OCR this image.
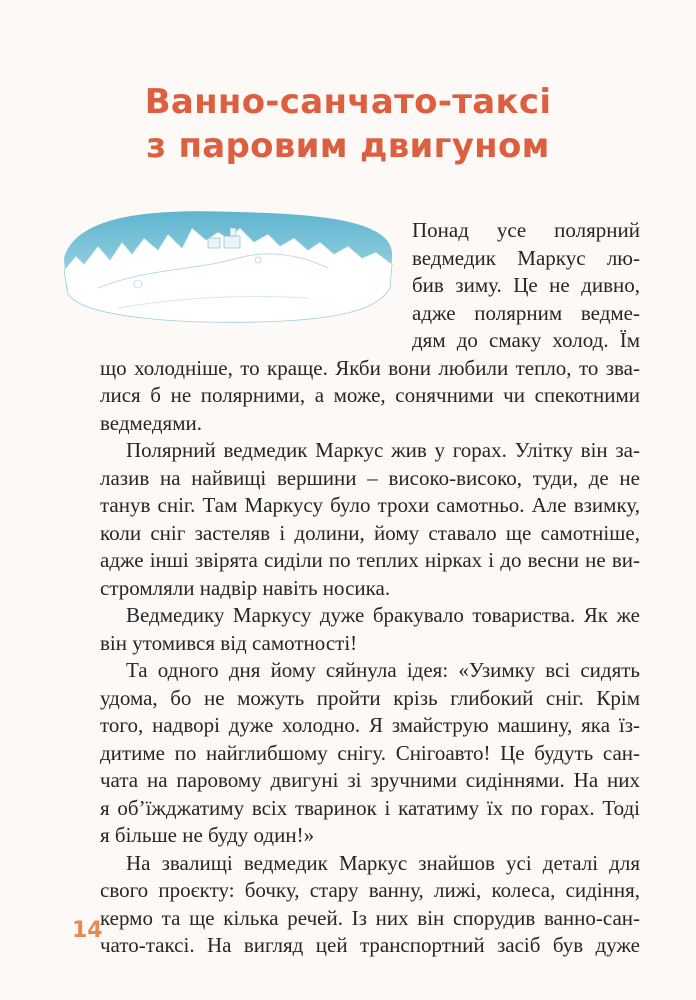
Ванно-санчато-таксі
з паровим двигуном
Понад усе полярний
ведмедик Маркус лю-
бив зиму. Це не дивно,
адже полярним ведме-
дям до смаку холод. Їм
що холодніше, то краще. Якби вони любили тепло, то зва-
лися б не полярними, а може, сонячними чи спекотними
ведмедями.
Полярний ведмедик Маркус жив у горах. Улітку він за-
лазив на найвищі вершини – високо-високо, туди, де не
танув сніг. Там Маркусу було трохи самотньо. Але взимку,
коли сніг застеляв і долини, йому ставало ще самотніше,
адже інші звірята сиділи по теплих нірках і до весни не ви-
стромляли надвір навіть носика.
Ведмедику Маркусу дуже бракувало товариства. Як же
він утомився від самотності!
Та одного дня йому сяйнула ідея: «Узимку всі сидять
удома, бо не можуть пройти крізь глибокий сніг. Крім
того, надворі дуже холодно. Я змайструю машину, яка їз-
дитиме по найглибшому снігу. Снігоавто! Це будуть сан-
чата на паровому двигуні зі зручними сидіннями. На них
я об’їжджатиму всіх тваринок і кататиму їх по горах. Тоді
я більше не буду один!»
На звалищі ведмедик Маркус знайшов усі деталі для
свого проєкту: бочку, стару ванну, лижі, колеса, сидіння,
кермо та ще кілька речей. Із них він спорудив ванно-сан-
чато-таксі. На вигляд цей транспортний засіб був дуже
14
